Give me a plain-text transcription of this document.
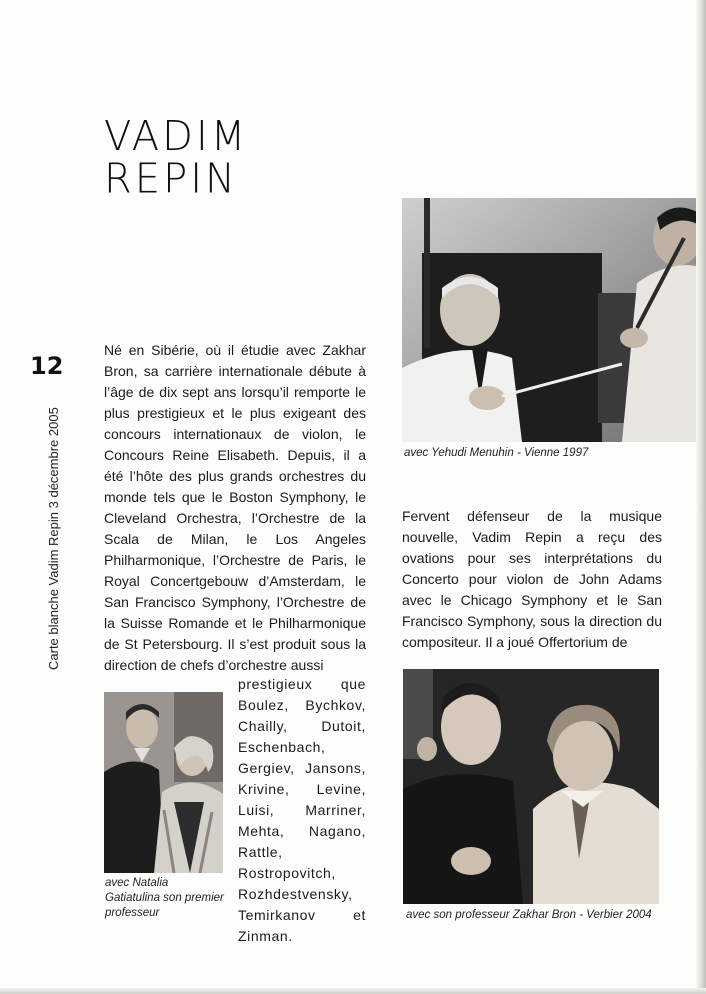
VADIM
REPIN
12
Carte blanche Vadim Repin 3 décembre 2005	avec Yehudi Menuhin - Vienne 1997
Né en Sibérie, où il étudie avec Zakhar Bron, sa carrière internationale débute à l’âge de dix sept ans lorsqu’il remporte le plus prestigieux et le plus exigeant des concours internationaux de violon, le Concours Reine Elisabeth. Depuis, il a été l’hôte des plus grands orchestres du monde tels que le Boston Symphony, le Cleveland Orchestra, l’Orchestre de la Scala de Milan, le Los Angeles Philharmonique, l’Orchestre de Paris, le Royal Concertgebouw d’Amsterdam, le San Francisco Symphony, l’Orchestre de la Suisse Romande et le Philharmonique de St Petersbourg. Il s’est produit sous la direction de chefs d’orchestre aussi
avec Natalia Gatiatulina son premier professeur
prestigieux que Boulez, Bychkov, Chailly, Dutoit, Eschenbach, Gergiev, Jansons, Krivine, Levine, Luisi, Marriner, Mehta, Nagano, Rattle, Rostropovitch, Rozhdestvensky, Temirkanov et Zinman.
Fervent défenseur de la musique nouvelle, Vadim Repin a reçu des ovations pour ses interprétations du Concerto pour violon de John Adams avec le Chicago Symphony et le San Francisco Symphony, sous la direction du compositeur. Il a joué Offertorium de
avec son professeur Zakhar Bron - Verbier 2004
